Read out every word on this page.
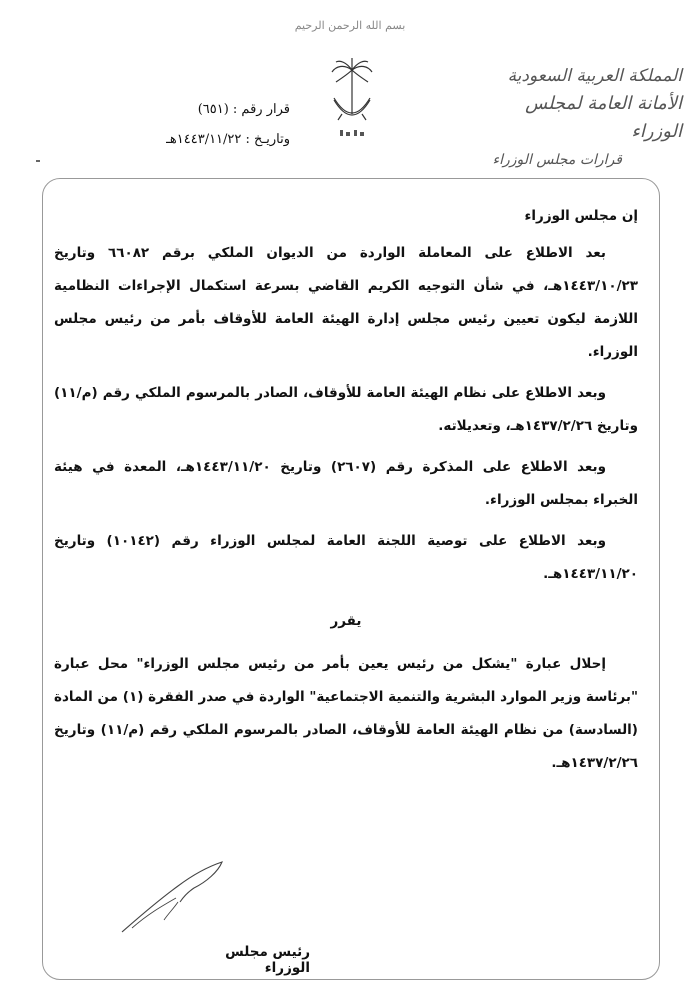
بسم الله الرحمن الرحيم
قرار رقم : (٦٥١)
وتاريـخ : ١٤٤٣/١١/٢٢هـ
المملكة العربية السعودية
الأمانة العامة لمجلس الوزراء
قرارات مجلس الوزراء

إن مجلس الوزراء

بعد الاطلاع على المعاملة الواردة من الديوان الملكي برقم ٦٦٠٨٢ وتاريخ ١٤٤٣/١٠/٢٣هـ، في شأن التوجيه الكريم القاضي بسرعة استكمال الإجراءات النظامية اللازمة ليكون تعيين رئيس مجلس إدارة الهيئة العامة للأوقاف بأمر من رئيس مجلس الوزراء.

وبعد الاطلاع على نظام الهيئة العامة للأوقاف، الصادر بالمرسوم الملكي رقم (م/١١) وتاريخ ١٤٣٧/٢/٢٦هـ، وتعديلاته.

وبعد الاطلاع على المذكرة رقم (٢٦٠٧) وتاريخ ١٤٤٣/١١/٢٠هـ، المعدة في هيئة الخبراء بمجلس الوزراء.

وبعد الاطلاع على توصية اللجنة العامة لمجلس الوزراء رقم (١٠١٤٢) وتاريخ ١٤٤٣/١١/٢٠هـ.

يقرر

إحلال عبارة "يشكل من رئيس يعين بأمر من رئيس مجلس الوزراء" محل عبارة "برئاسة وزير الموارد البشرية والتنمية الاجتماعية" الواردة في صدر الفقرة (١) من المادة (السادسة) من نظام الهيئة العامة للأوقاف، الصادر بالمرسوم الملكي رقم (م/١١) وتاريخ ١٤٣٧/٢/٢٦هـ.

رئيس مجلس الوزراء
